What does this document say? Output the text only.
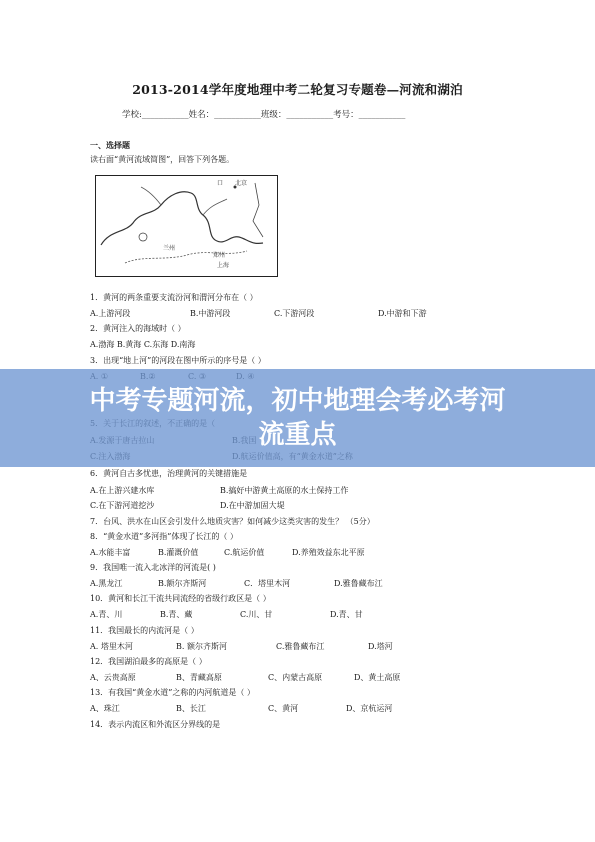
2013-2014学年度地理中考二轮复习专题卷—河流和湖泊
学校:___________姓名：___________班级：___________考号：___________
一、选择题
读右面“黄河流域简图”，回答下列各题。
北京
口
兰州
郑州
上海
1．黄河的两条重要支流汾河和渭河分布在（ ）
A.上游河段	B.中游河段	C.下游河段	D.中游和下游
2．黄河注入的海域时（ ）
A.渤海 B.黄海 C.东海 D.南海
3．出现“地上河”的河段在图中所示的序号是（ ）
6．黄河自古多忧患，治理黄河的关键措施是
A.在上游兴建水库	B.搞好中游黄土高原的水土保持工作
C.在下游河道挖沙	D.在中游加固大堤
7．台风、洪水在山区会引发什么地质灾害？如何减少这类灾害的发生？ （5分）
8．“黄金水道”多河指”体现了长江的（ ）
A.水能丰富	B.灌溉价值	C.航运价值	D.养殖效益东北平原
9．我国唯一流入北冰洋的河流是( )
A.黑龙江	B.额尔齐斯河	C．塔里木河	D.雅鲁藏布江
10．黄河和长江干流共同流经的省级行政区是（ ）
A.青、川	B.青、藏	C.川、甘	D.青、甘
11．我国最长的内流河是（ ）
A. 塔里木河	B. 额尔齐斯河	C.雅鲁藏布江	D.塔河
12．我国湖泊最多的高原是（ ）
A、云贵高原	B、青藏高原	C、内蒙古高原	D、黄土高原
13．有我国“黄金水道”之称的内河航道是（ ）
A、珠江	B、长江	C、黄河	D、京杭运河
14．表示内流区和外流区分界线的是
中考专题河流，初中地理会考必考河
流重点
